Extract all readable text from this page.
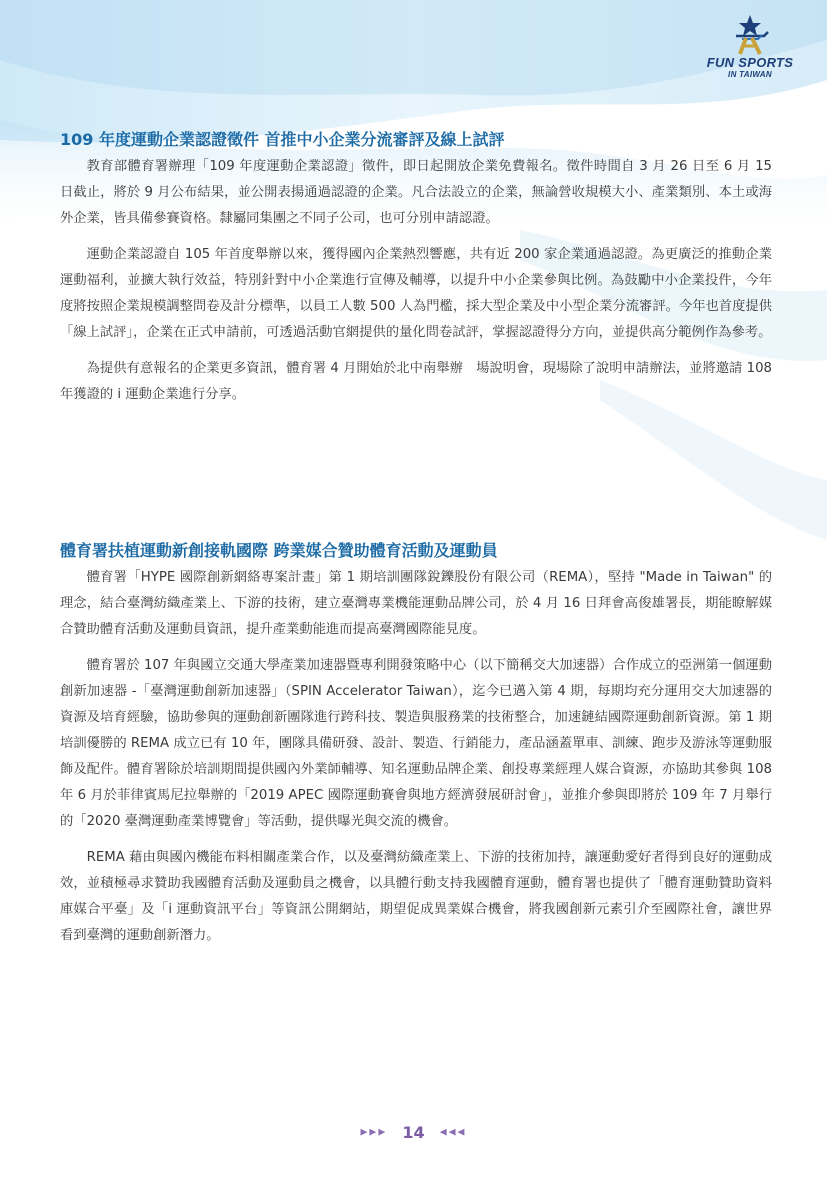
FUN SPORTS
IN TAIWAN
109 年度運動企業認證徵件 首推中小企業分流審評及線上試評

教育部體育署辦理「109 年度運動企業認證」徵件，即日起開放企業免費報名。徵件時間自 3 月 26 日至 6 月 15 日截止，將於 9 月公布結果，並公開表揚通過認證的企業。凡合法設立的企業，無論營收規模大小、產業類別、本土或海外企業，皆具備參賽資格。隸屬同集團之不同子公司，也可分別申請認證。

運動企業認證自 105 年首度舉辦以來，獲得國內企業熱烈響應，共有近 200 家企業通過認證。為更廣泛的推動企業運動福利，並擴大執行效益，特別針對中小企業進行宣傳及輔導，以提升中小企業參與比例。為鼓勵中小企業投件，今年度將按照企業規模調整問卷及計分標準，以員工人數 500 人為門檻，採大型企業及中小型企業分流審評。今年也首度提供「線上試評」，企業在正式申請前，可透過活動官網提供的量化問卷試評，掌握認證得分方向，並提供高分範例作為參考。

為提供有意報名的企業更多資訊，體育署 4 月開始於北中南舉辦　場說明會，現場除了說明申請辦法，並將邀請 108 年獲證的 i 運動企業進行分享。

體育署扶植運動新創接軌國際 跨業媒合贊助體育活動及運動員

體育署「HYPE 國際創新網絡專案計畫」第 1 期培訓團隊銳鑠股份有限公司（REMA），堅持 "Made in Taiwan" 的理念，結合臺灣紡織產業上、下游的技術，建立臺灣專業機能運動品牌公司，於 4 月 16 日拜會高俊雄署長，期能瞭解媒合贊助體育活動及運動員資訊，提升產業動能進而提高臺灣國際能見度。

體育署於 107 年與國立交通大學產業加速器暨專利開發策略中心（以下簡稱交大加速器）合作成立的亞洲第一個運動創新加速器 -「臺灣運動創新加速器」（SPIN Accelerator Taiwan），迄今已邁入第 4 期，每期均充分運用交大加速器的資源及培育經驗，協助參與的運動創新團隊進行跨科技、製造與服務業的技術整合，加速鏈結國際運動創新資源。第 1 期培訓優勝的 REMA 成立已有 10 年，團隊具備研發、設計、製造、行銷能力，產品涵蓋單車、訓練、跑步及游泳等運動服飾及配件。體育署除於培訓期間提供國內外業師輔導、知名運動品牌企業、創投專業經理人媒合資源，亦協助其參與 108 年 6 月於菲律賓馬尼拉舉辦的「2019 APEC 國際運動賽會與地方經濟發展研討會」，並推介參與即將於 109 年 7 月舉行的「2020 臺灣運動產業博覽會」等活動，提供曝光與交流的機會。

REMA 藉由與國內機能布料相關產業合作，以及臺灣紡織產業上、下游的技術加持，讓運動愛好者得到良好的運動成效，並積極尋求贊助我國體育活動及運動員之機會，以具體行動支持我國體育運動，體育署也提供了「體育運動贊助資料庫媒合平臺」及「i 運動資訊平台」等資訊公開網站，期望促成異業媒合機會，將我國創新元素引介至國際社會，讓世界看到臺灣的運動創新潛力。

▶▶▶ 14 ◀◀◀
